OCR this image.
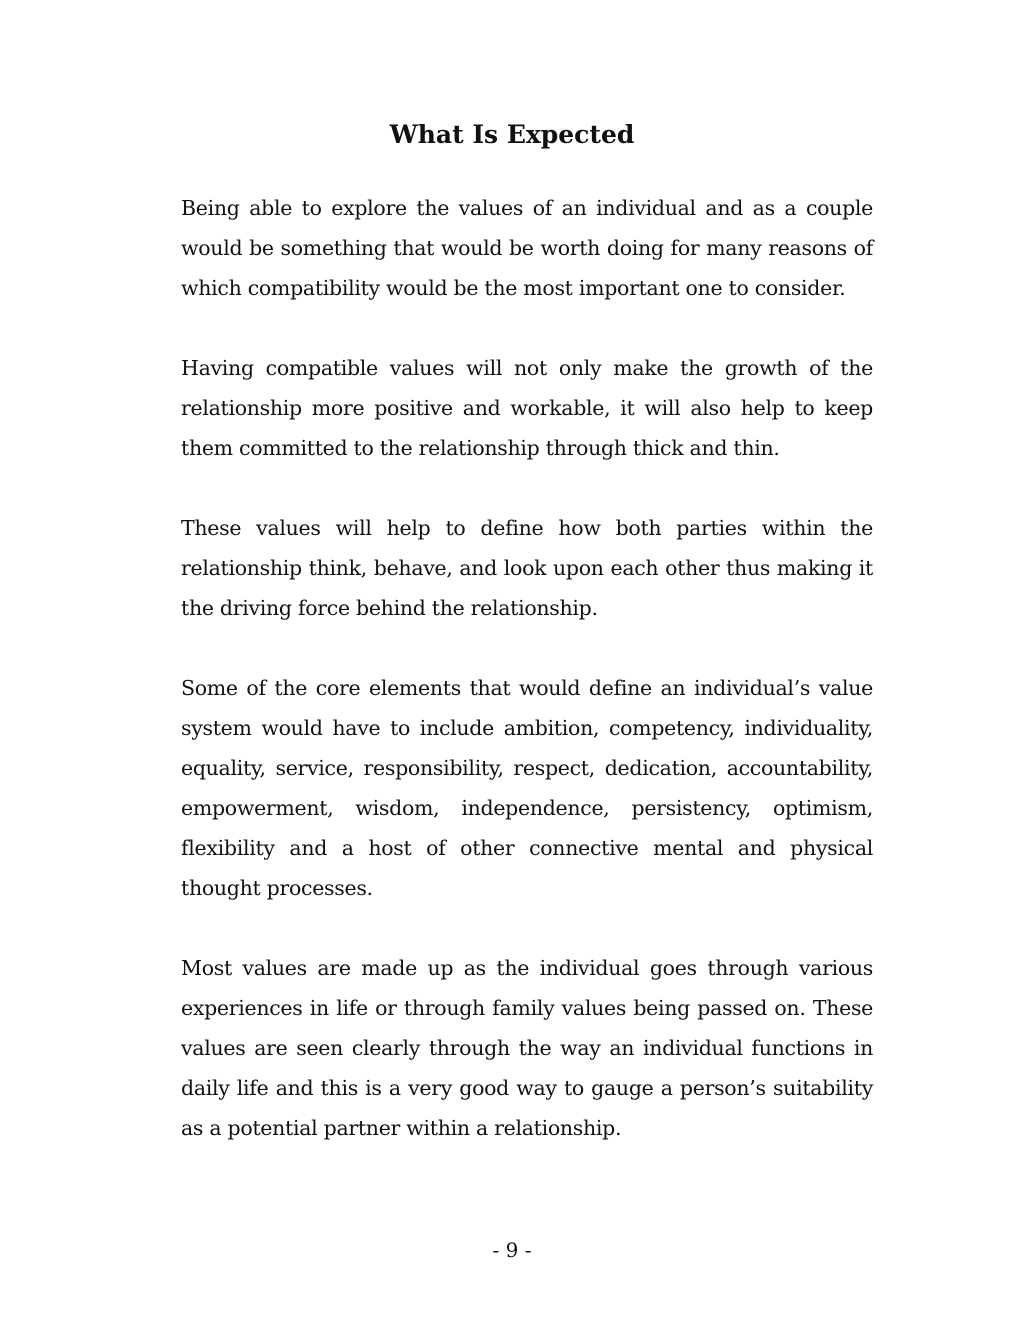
What Is Expected

Being able to explore the values of an individual and as a couple would be something that would be worth doing for many reasons of which compatibility would be the most important one to consider.

Having compatible values will not only make the growth of the relationship more positive and workable, it will also help to keep them committed to the relationship through thick and thin.

These values will help to define how both parties within the relationship think, behave, and look upon each other thus making it the driving force behind the relationship.

Some of the core elements that would define an individual’s value system would have to include ambition, competency, individuality, equality, service, responsibility, respect, dedication, accountability, empowerment, wisdom, independence, persistency, optimism, flexibility and a host of other connective mental and physical thought processes.

Most values are made up as the individual goes through various experiences in life or through family values being passed on. These values are seen clearly through the way an individual functions in daily life and this is a very good way to gauge a person’s suitability as a potential partner within a relationship.

- 9 -
